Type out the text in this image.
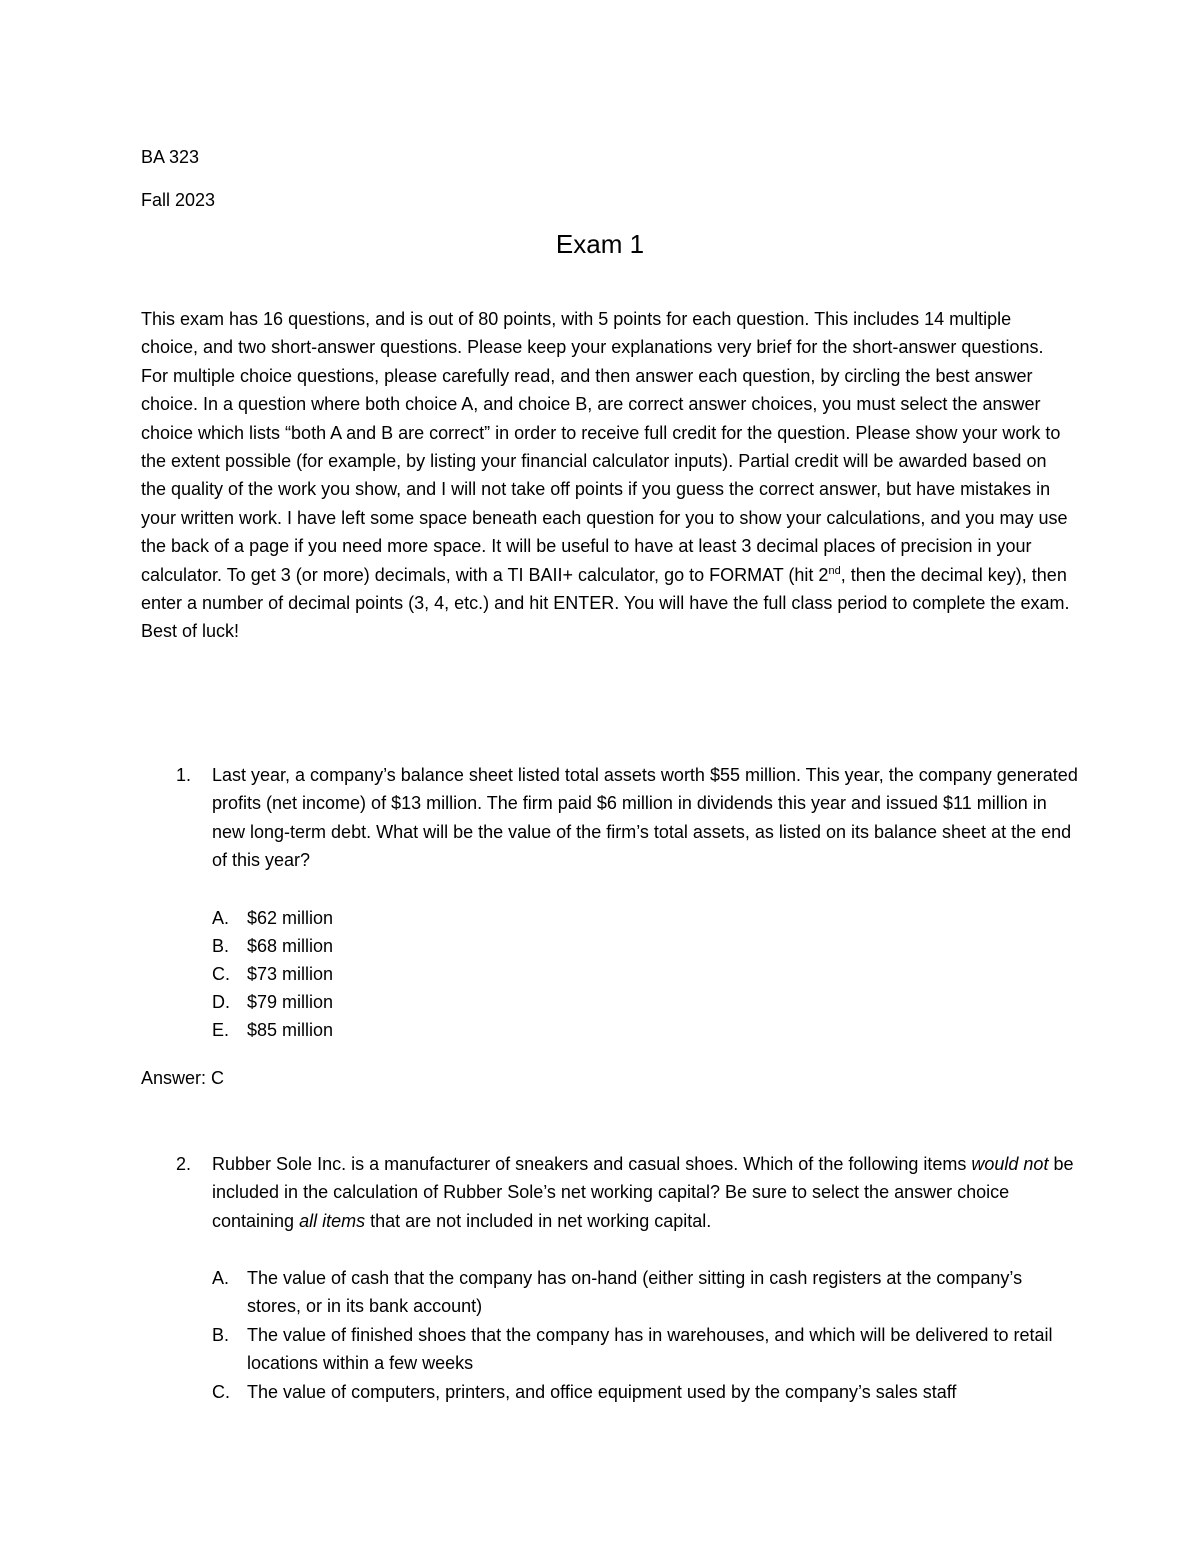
BA 323
Fall 2023
Exam 1
This exam has 16 questions, and is out of 80 points, with 5 points for each question. This includes 14 multiple choice, and two short-answer questions. Please keep your explanations very brief for the short-answer questions. For multiple choice questions, please carefully read, and then answer each question, by circling the best answer choice. In a question where both choice A, and choice B, are correct answer choices, you must select the answer choice which lists “both A and B are correct” in order to receive full credit for the question. Please show your work to the extent possible (for example, by listing your financial calculator inputs). Partial credit will be awarded based on the quality of the work you show, and I will not take off points if you guess the correct answer, but have mistakes in your written work. I have left some space beneath each question for you to show your calculations, and you may use the back of a page if you need more space. It will be useful to have at least 3 decimal places of precision in your calculator. To get 3 (or more) decimals, with a TI BAII+ calculator, go to FORMAT (hit 2nd, then the decimal key), then enter a number of decimal points (3, 4, etc.) and hit ENTER. You will have the full class period to complete the exam. Best of luck!
1. Last year, a company’s balance sheet listed total assets worth $55 million. This year, the company generated profits (net income) of $13 million. The firm paid $6 million in dividends this year and issued $11 million in new long-term debt. What will be the value of the firm’s total assets, as listed on its balance sheet at the end of this year?
A. $62 million
B. $68 million
C. $73 million
D. $79 million
E. $85 million
Answer: C
2. Rubber Sole Inc. is a manufacturer of sneakers and casual shoes. Which of the following items would not be included in the calculation of Rubber Sole’s net working capital? Be sure to select the answer choice containing all items that are not included in net working capital.
A. The value of cash that the company has on-hand (either sitting in cash registers at the company’s stores, or in its bank account)
B. The value of finished shoes that the company has in warehouses, and which will be delivered to retail locations within a few weeks
C. The value of computers, printers, and office equipment used by the company’s sales staff
